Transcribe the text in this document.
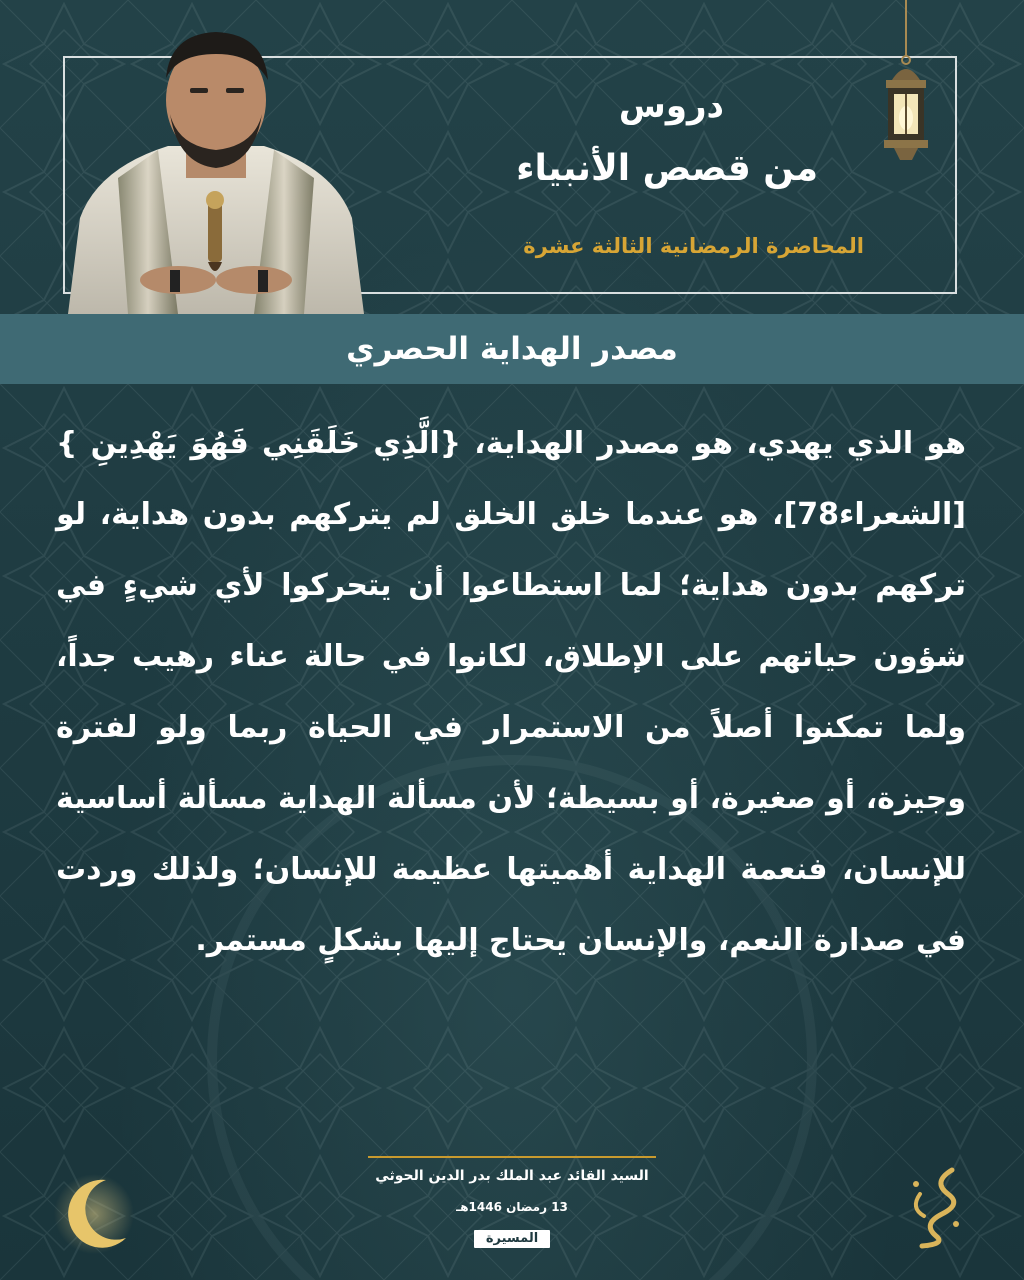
دروس
من قصص الأنبياء
المحاضرة الرمضانية الثالثة عشرة
مصدر الهداية الحصري
هو الذي يهدي، هو مصدر الهداية، {الَّذِي خَلَقَنِي فَهُوَ يَهْدِينِ }[الشعراء78]، هو عندما خلق الخلق لم يتركهم بدون هداية، لو تركهم بدون هداية؛ لما استطاعوا أن يتحركوا لأي شيءٍ في شؤون حياتهم على الإطلاق، لكانوا في حالة عناء رهيب جداً، ولما تمكنوا أصلاً من الاستمرار في الحياة ربما ولو لفترة وجيزة، أو صغيرة، أو بسيطة؛ لأن مسألة الهداية مسألة أساسية للإنسان، فنعمة الهداية أهميتها عظيمة للإنسان؛ ولذلك وردت في صدارة النعم، والإنسان يحتاج إليها بشكلٍ مستمر.
السيد القائد عبد الملك بدر الدين الحوثي
13 رمضان 1446هـ
المسيرة
